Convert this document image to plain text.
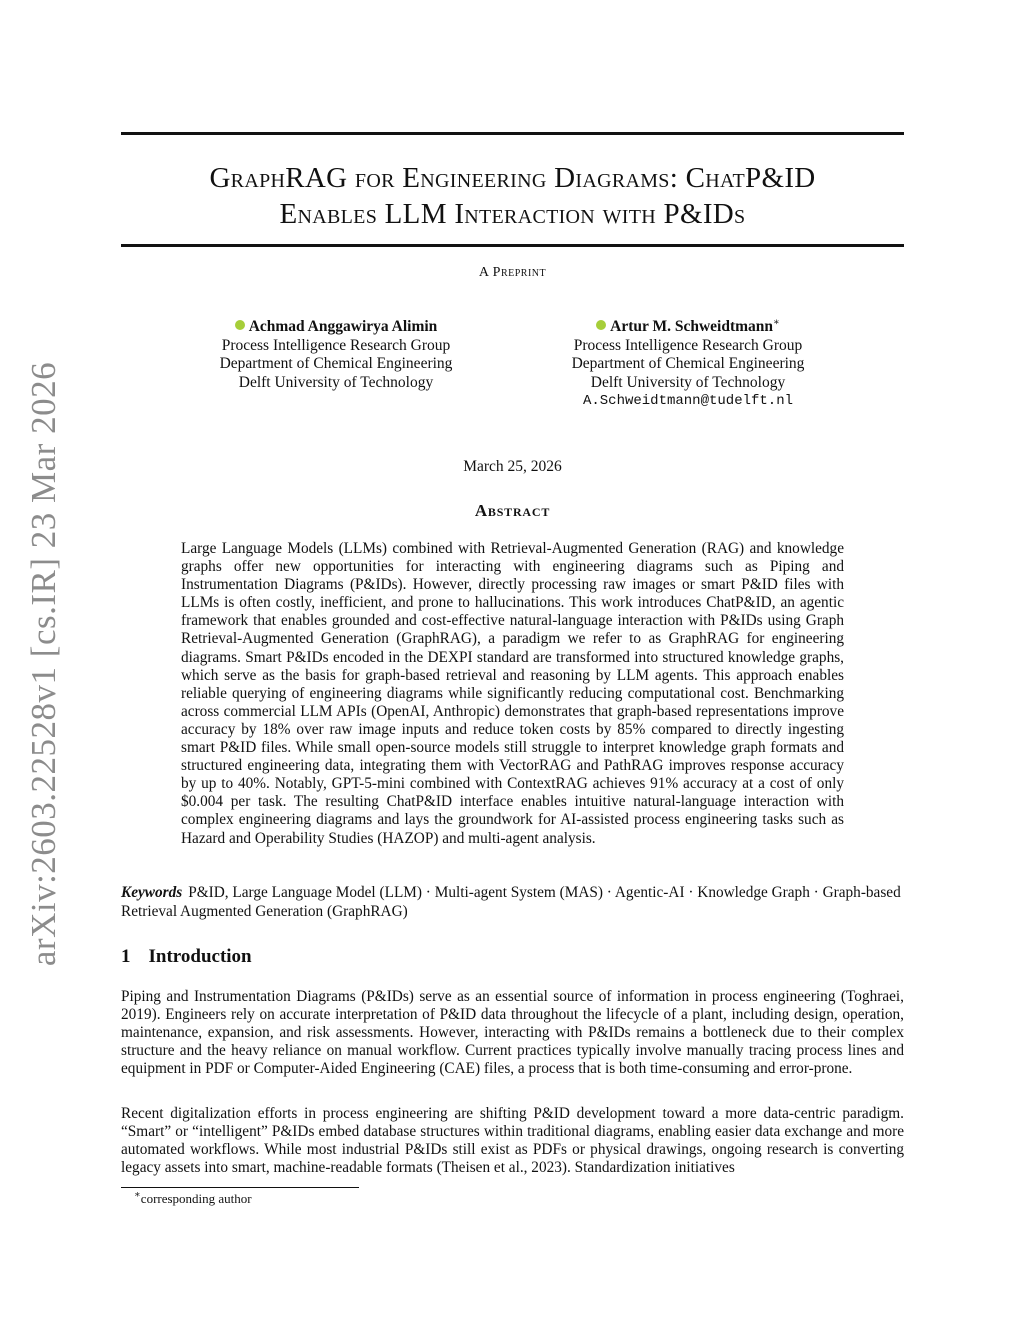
arXiv:2603.22528v1 [cs.IR] 23 Mar 2026
GraphRAG for Engineering Diagrams: ChatP&ID
Enables LLM Interaction with P&IDs
A Preprint
Achmad Anggawirya Alimin
Process Intelligence Research Group
Department of Chemical Engineering
Delft University of Technology
Artur M. Schweidtmann∗
Process Intelligence Research Group
Department of Chemical Engineering
Delft University of Technology
A.Schweidtmann@tudelft.nl
March 25, 2026
Abstract
Large Language Models (LLMs) combined with Retrieval-Augmented Generation (RAG) and knowledge graphs offer new opportunities for interacting with engineering diagrams such as Piping and Instrumentation Diagrams (P&IDs). However, directly processing raw images or smart P&ID files with LLMs is often costly, inefficient, and prone to hallucinations. This work introduces ChatP&ID, an agentic framework that enables grounded and cost-effective natural-language interaction with P&IDs using Graph Retrieval-Augmented Generation (GraphRAG), a paradigm we refer to as GraphRAG for engineering diagrams. Smart P&IDs encoded in the DEXPI standard are transformed into structured knowledge graphs, which serve as the basis for graph-based retrieval and reasoning by LLM agents. This approach enables reliable querying of engineering diagrams while significantly reducing computational cost. Benchmarking across commercial LLM APIs (OpenAI, Anthropic) demonstrates that graph-based representations improve accuracy by 18% over raw image inputs and reduce token costs by 85% compared to directly ingesting smart P&ID files. While small open-source models still struggle to interpret knowledge graph formats and structured engineering data, integrating them with VectorRAG and PathRAG improves response accuracy by up to 40%. Notably, GPT-5-mini combined with ContextRAG achieves 91% accuracy at a cost of only $0.004 per task. The resulting ChatP&ID interface enables intuitive natural-language interaction with complex engineering diagrams and lays the groundwork for AI-assisted process engineering tasks such as Hazard and Operability Studies (HAZOP) and multi-agent analysis.
Keywords P&ID, Large Language Model (LLM) · Multi-agent System (MAS) · Agentic-AI · Knowledge Graph · Graph-based Retrieval Augmented Generation (GraphRAG)
1 Introduction
Piping and Instrumentation Diagrams (P&IDs) serve as an essential source of information in process engineering (Toghraei, 2019). Engineers rely on accurate interpretation of P&ID data throughout the lifecycle of a plant, including design, operation, maintenance, expansion, and risk assessments. However, interacting with P&IDs remains a bottleneck due to their complex structure and the heavy reliance on manual workflow. Current practices typically involve manually tracing process lines and equipment in PDF or Computer-Aided Engineering (CAE) files, a process that is both time-consuming and error-prone.
Recent digitalization efforts in process engineering are shifting P&ID development toward a more data-centric paradigm. “Smart” or “intelligent” P&IDs embed database structures within traditional diagrams, enabling easier data exchange and more automated workflows. While most industrial P&IDs still exist as PDFs or physical drawings, ongoing research is converting legacy assets into smart, machine-readable formats (Theisen et al., 2023). Standardization initiatives
∗corresponding author
